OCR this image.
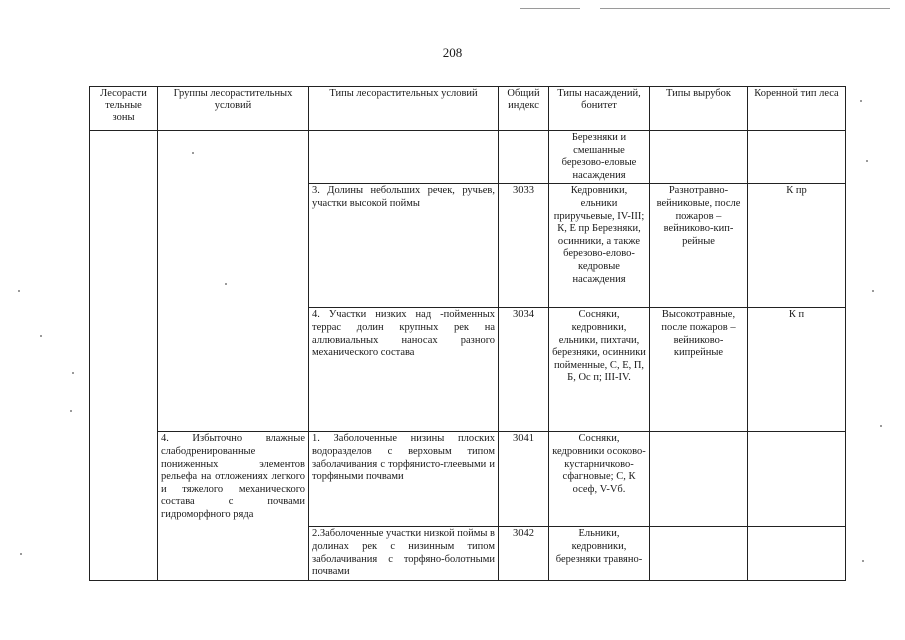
208
Лесорасти тельные зоны	Группы лесорастительных условий	Типы лесорастительных условий	Общий индекс	Типы насаждений, бонитет	Типы вырубок	Коренной тип леса
				Березняки и смешанные березово-еловые насаждения		
		3. Долины небольших речек, ручьев, участки высокой поймы	3033	Кедровники, ельники приручьевые, IV-III; К, Е пр Березняки, осинники, а также березово-елово-кедровые насаждения	Разнотравно-вейниковые, после пожаров – вейниково-кип-рейные	К пр
		4. Участки низких над -пойменных террас долин крупных рек на аллювиальных наносах разного механического состава	3034	Сосняки, кедровники, ельники, пихтачи, березняки, осинники пойменные, С, Е, П, Б, Ос п; III-IV.	Высокотравные, после пожаров – вейниково-кипрейные	К п
	4. Избыточно влажные слабодренированные пониженных элементов рельефа на отложениях легкого и тяжелого механического состава с почвами гидроморфного ряда	1. Заболоченные низины плоских водоразделов с верховым типом заболачивания с торфянисто-глеевыми и торфяными почвами	3041	Сосняки, кедровники осоково-кустарничково-сфагновые; С, К осеф, V-Vб.		
		2.Заболоченные участки низкой поймы в долинах рек с низинным типом заболачивания с торфяно-болотными почвами	3042	Ельники, кедровники, березняки травяно-		
